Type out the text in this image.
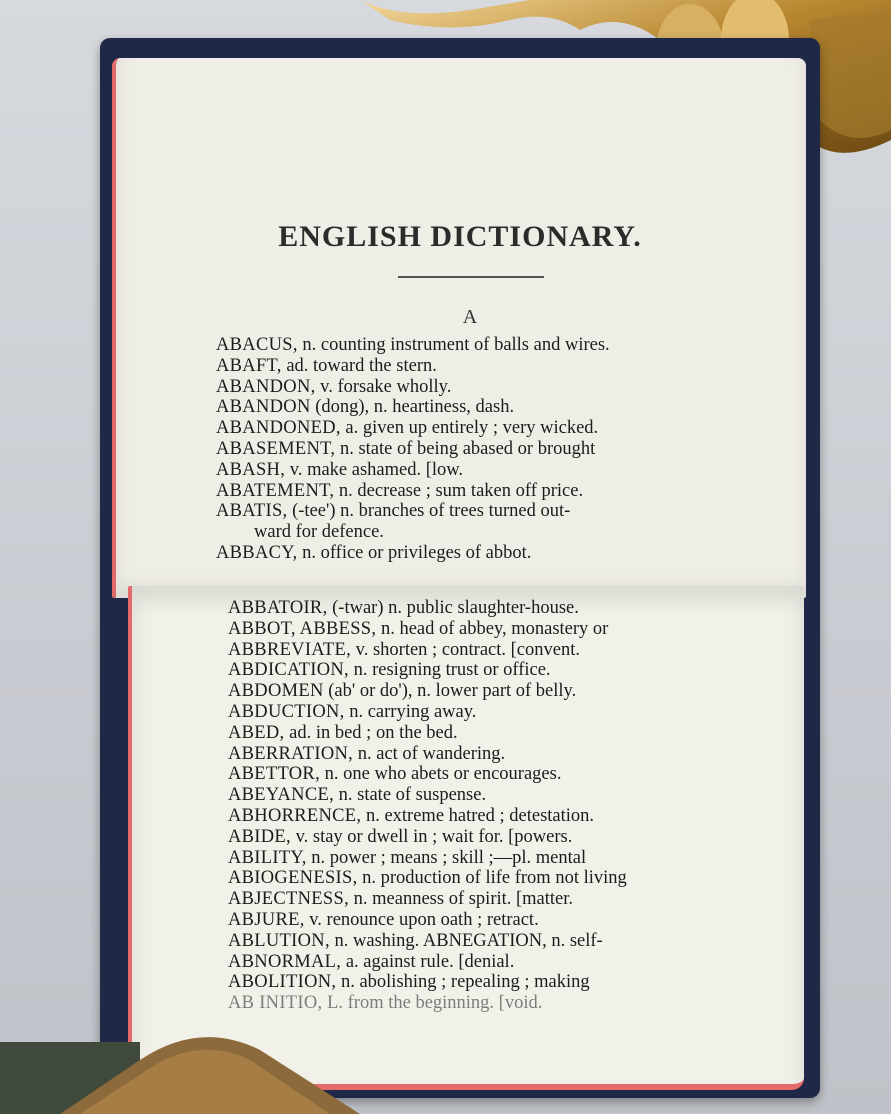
ENGLISH DICTIONARY.
A
ABACUS, n. counting instrument of balls and wires.
ABAFT, ad. toward the stern.
ABANDON, v. forsake wholly.
ABANDON (dong), n. heartiness, dash.
ABANDONED, a. given up entirely ; very wicked.
ABASEMENT, n. state of being abased or brought
ABASH, v. make ashamed. [low.
ABATEMENT, n. decrease ; sum taken off price.
ABATIS, (-tee') n. branches of trees turned out-
ward for defence.
ABBACY, n. office or privileges of abbot.
ABBATOIR, (-twar) n. public slaughter-house.
ABBOT, ABBESS, n. head of abbey, monastery or
ABBREVIATE, v. shorten ; contract. [convent.
ABDICATION, n. resigning trust or office.
ABDOMEN (ab' or do'), n. lower part of belly.
ABDUCTION, n. carrying away.
ABED, ad. in bed ; on the bed.
ABERRATION, n. act of wandering.
ABETTOR, n. one who abets or encourages.
ABEYANCE, n. state of suspense.
ABHORRENCE, n. extreme hatred ; detestation.
ABIDE, v. stay or dwell in ; wait for. [powers.
ABILITY, n. power ; means ; skill ;—pl. mental
ABIOGENESIS, n. production of life from not living
ABJECTNESS, n. meanness of spirit. [matter.
ABJURE, v. renounce upon oath ; retract.
ABLUTION, n. washing. ABNEGATION, n. self-
ABNORMAL, a. against rule. [denial.
ABOLITION, n. abolishing ; repealing ; making
AB INITIO, L. from the beginning. [void.
